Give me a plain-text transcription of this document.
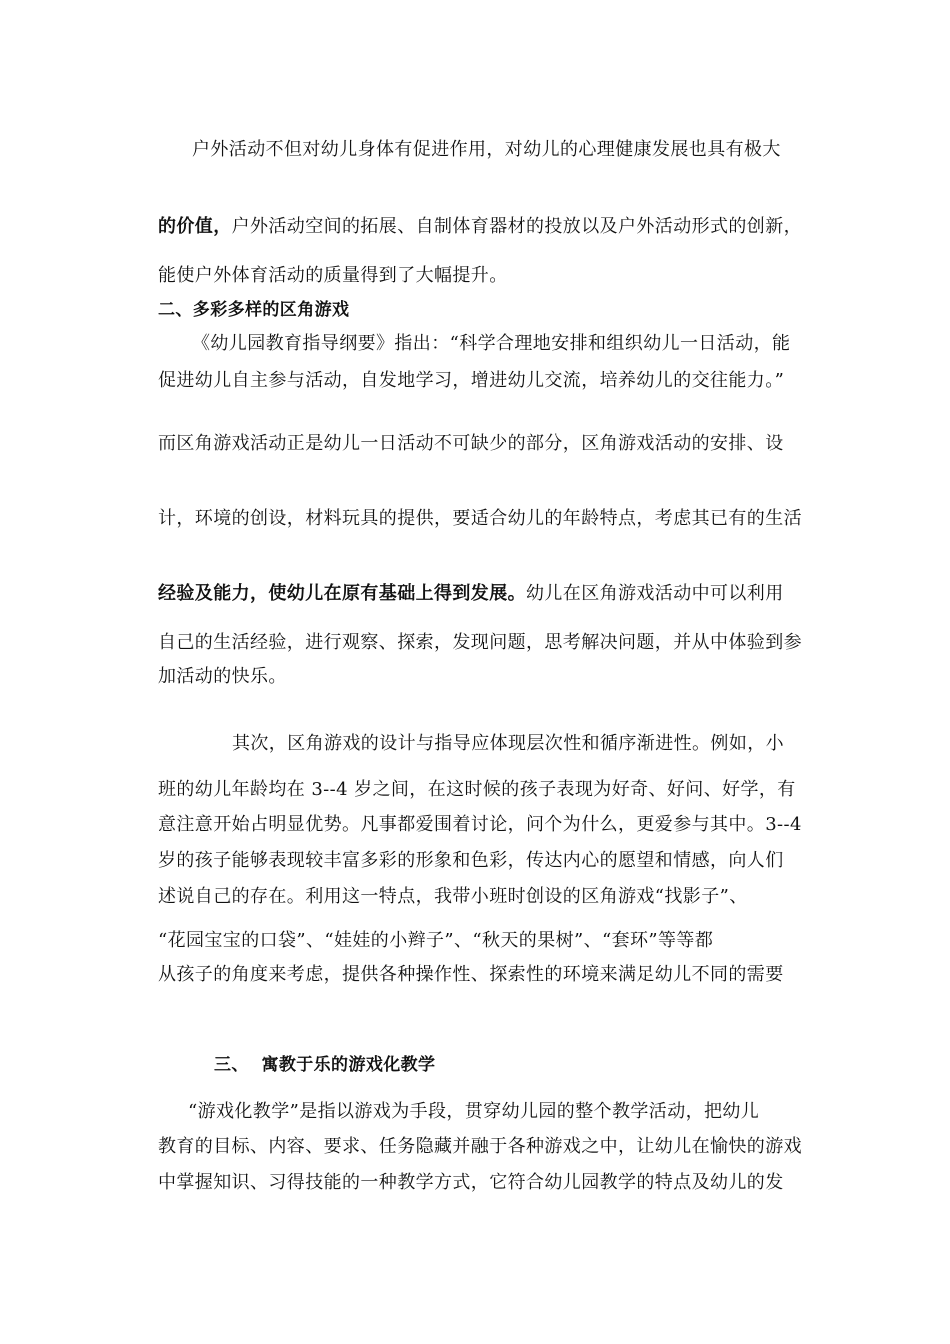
户外活动不但对幼儿身体有促进作用，对幼儿的心理健康发展也具有极大
的价值，户外活动空间的拓展、自制体育器材的投放以及户外活动形式的创新，
能使户外体育活动的质量得到了大幅提升。
二、多彩多样的区角游戏
《幼儿园教育指导纲要》指出：“科学合理地安排和组织幼儿一日活动，能
促进幼儿自主参与活动，自发地学习，增进幼儿交流，培养幼儿的交往能力。”
而区角游戏活动正是幼儿一日活动不可缺少的部分，区角游戏活动的安排、设
计，环境的创设，材料玩具的提供，要适合幼儿的年龄特点，考虑其已有的生活
经验及能力，使幼儿在原有基础上得到发展。幼儿在区角游戏活动中可以利用
自己的生活经验，进行观察、探索，发现问题，思考解决问题，并从中体验到参
加活动的快乐。
其次，区角游戏的设计与指导应体现层次性和循序渐进性。例如，小
班的幼儿年龄均在 3--4 岁之间，在这时候的孩子表现为好奇、好问、好学，有
意注意开始占明显优势。凡事都爱围着讨论，问个为什么，更爱参与其中。3--4
岁的孩子能够表现较丰富多彩的形象和色彩，传达内心的愿望和情感，向人们
述说自己的存在。利用这一特点，我带小班时创设的区角游戏“找影子”、
“花园宝宝的口袋”、“娃娃的小辫子”、“秋天的果树”、“套环”等等都
从孩子的角度来考虑，提供各种操作性、探索性的环境来满足幼儿不同的需要
三、 寓教于乐的游戏化教学
“游戏化教学”是指以游戏为手段，贯穿幼儿园的整个教学活动，把幼儿
教育的目标、内容、要求、任务隐藏并融于各种游戏之中，让幼儿在愉快的游戏
中掌握知识、习得技能的一种教学方式，它符合幼儿园教学的特点及幼儿的发
